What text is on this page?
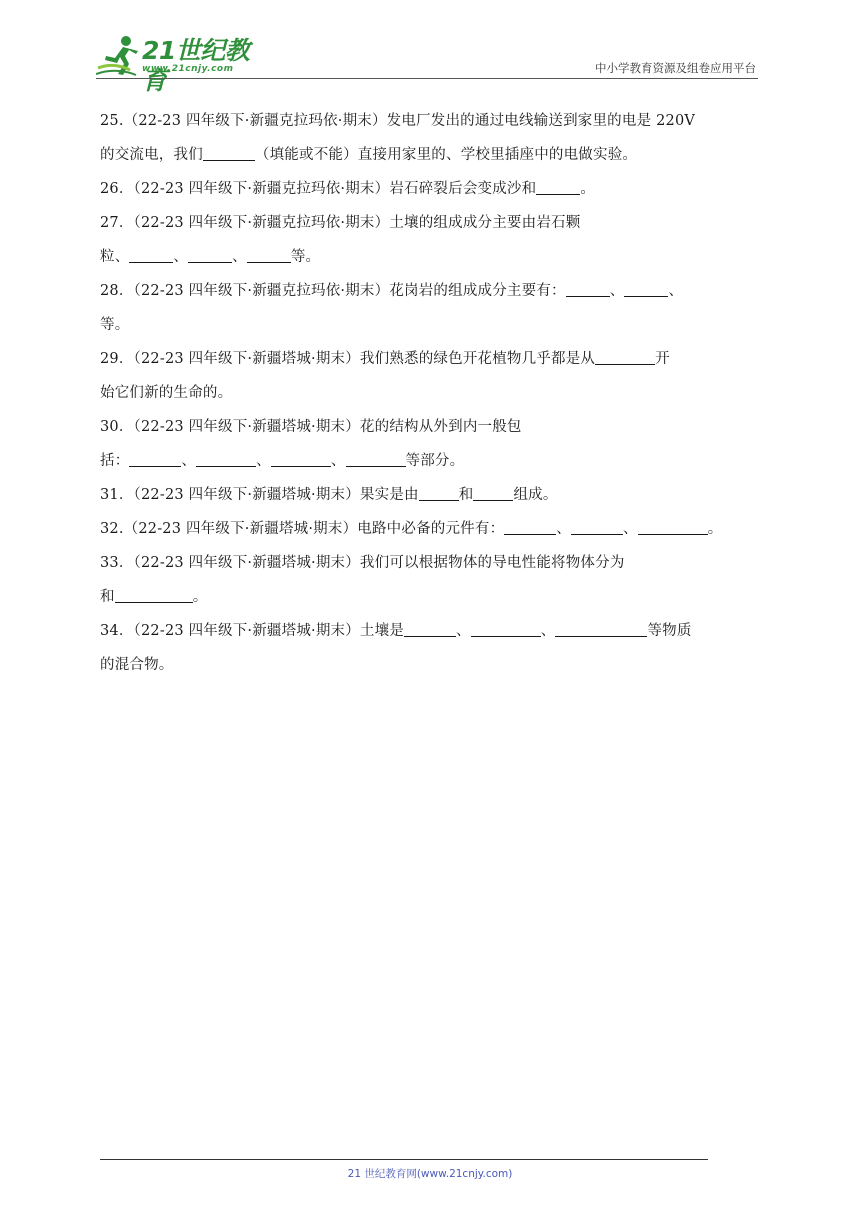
21世纪教育
www.21cnjy.com	中小学教育资源及组卷应用平台

25.（22-23 四年级下·新疆克拉玛依·期末）发电厂发出的通过电线输送到家里的电是 220V

的交流电，我们	（填能或不能）直接用家里的、学校里插座中的电做实验。

26．（22-23 四年级下·新疆克拉玛依·期末）岩石碎裂后会变成沙和	。

27．（22-23 四年级下·新疆克拉玛依·期末）土壤的组成成分主要由岩石颗

粒、	、	、	等。

28．（22-23 四年级下·新疆克拉玛依·期末）花岗岩的组成成分主要有：	、	、

等。

29．（22-23 四年级下·新疆塔城·期末）我们熟悉的绿色开花植物几乎都是从	开

始它们新的生命的。

30．（22-23 四年级下·新疆塔城·期末）花的结构从外到内一般包

括：	、	、	、	等部分。

31．（22-23 四年级下·新疆塔城·期末）果实是由	和	组成。

32.（22-23 四年级下·新疆塔城·期末）电路中必备的元件有：	、	、	。

33．（22-23 四年级下·新疆塔城·期末）我们可以根据物体的导电性能将物体分为

和	。

34．（22-23 四年级下·新疆塔城·期末）土壤是	、	、	等物质

的混合物。

21 世纪教育网(www.21cnjy.com)
